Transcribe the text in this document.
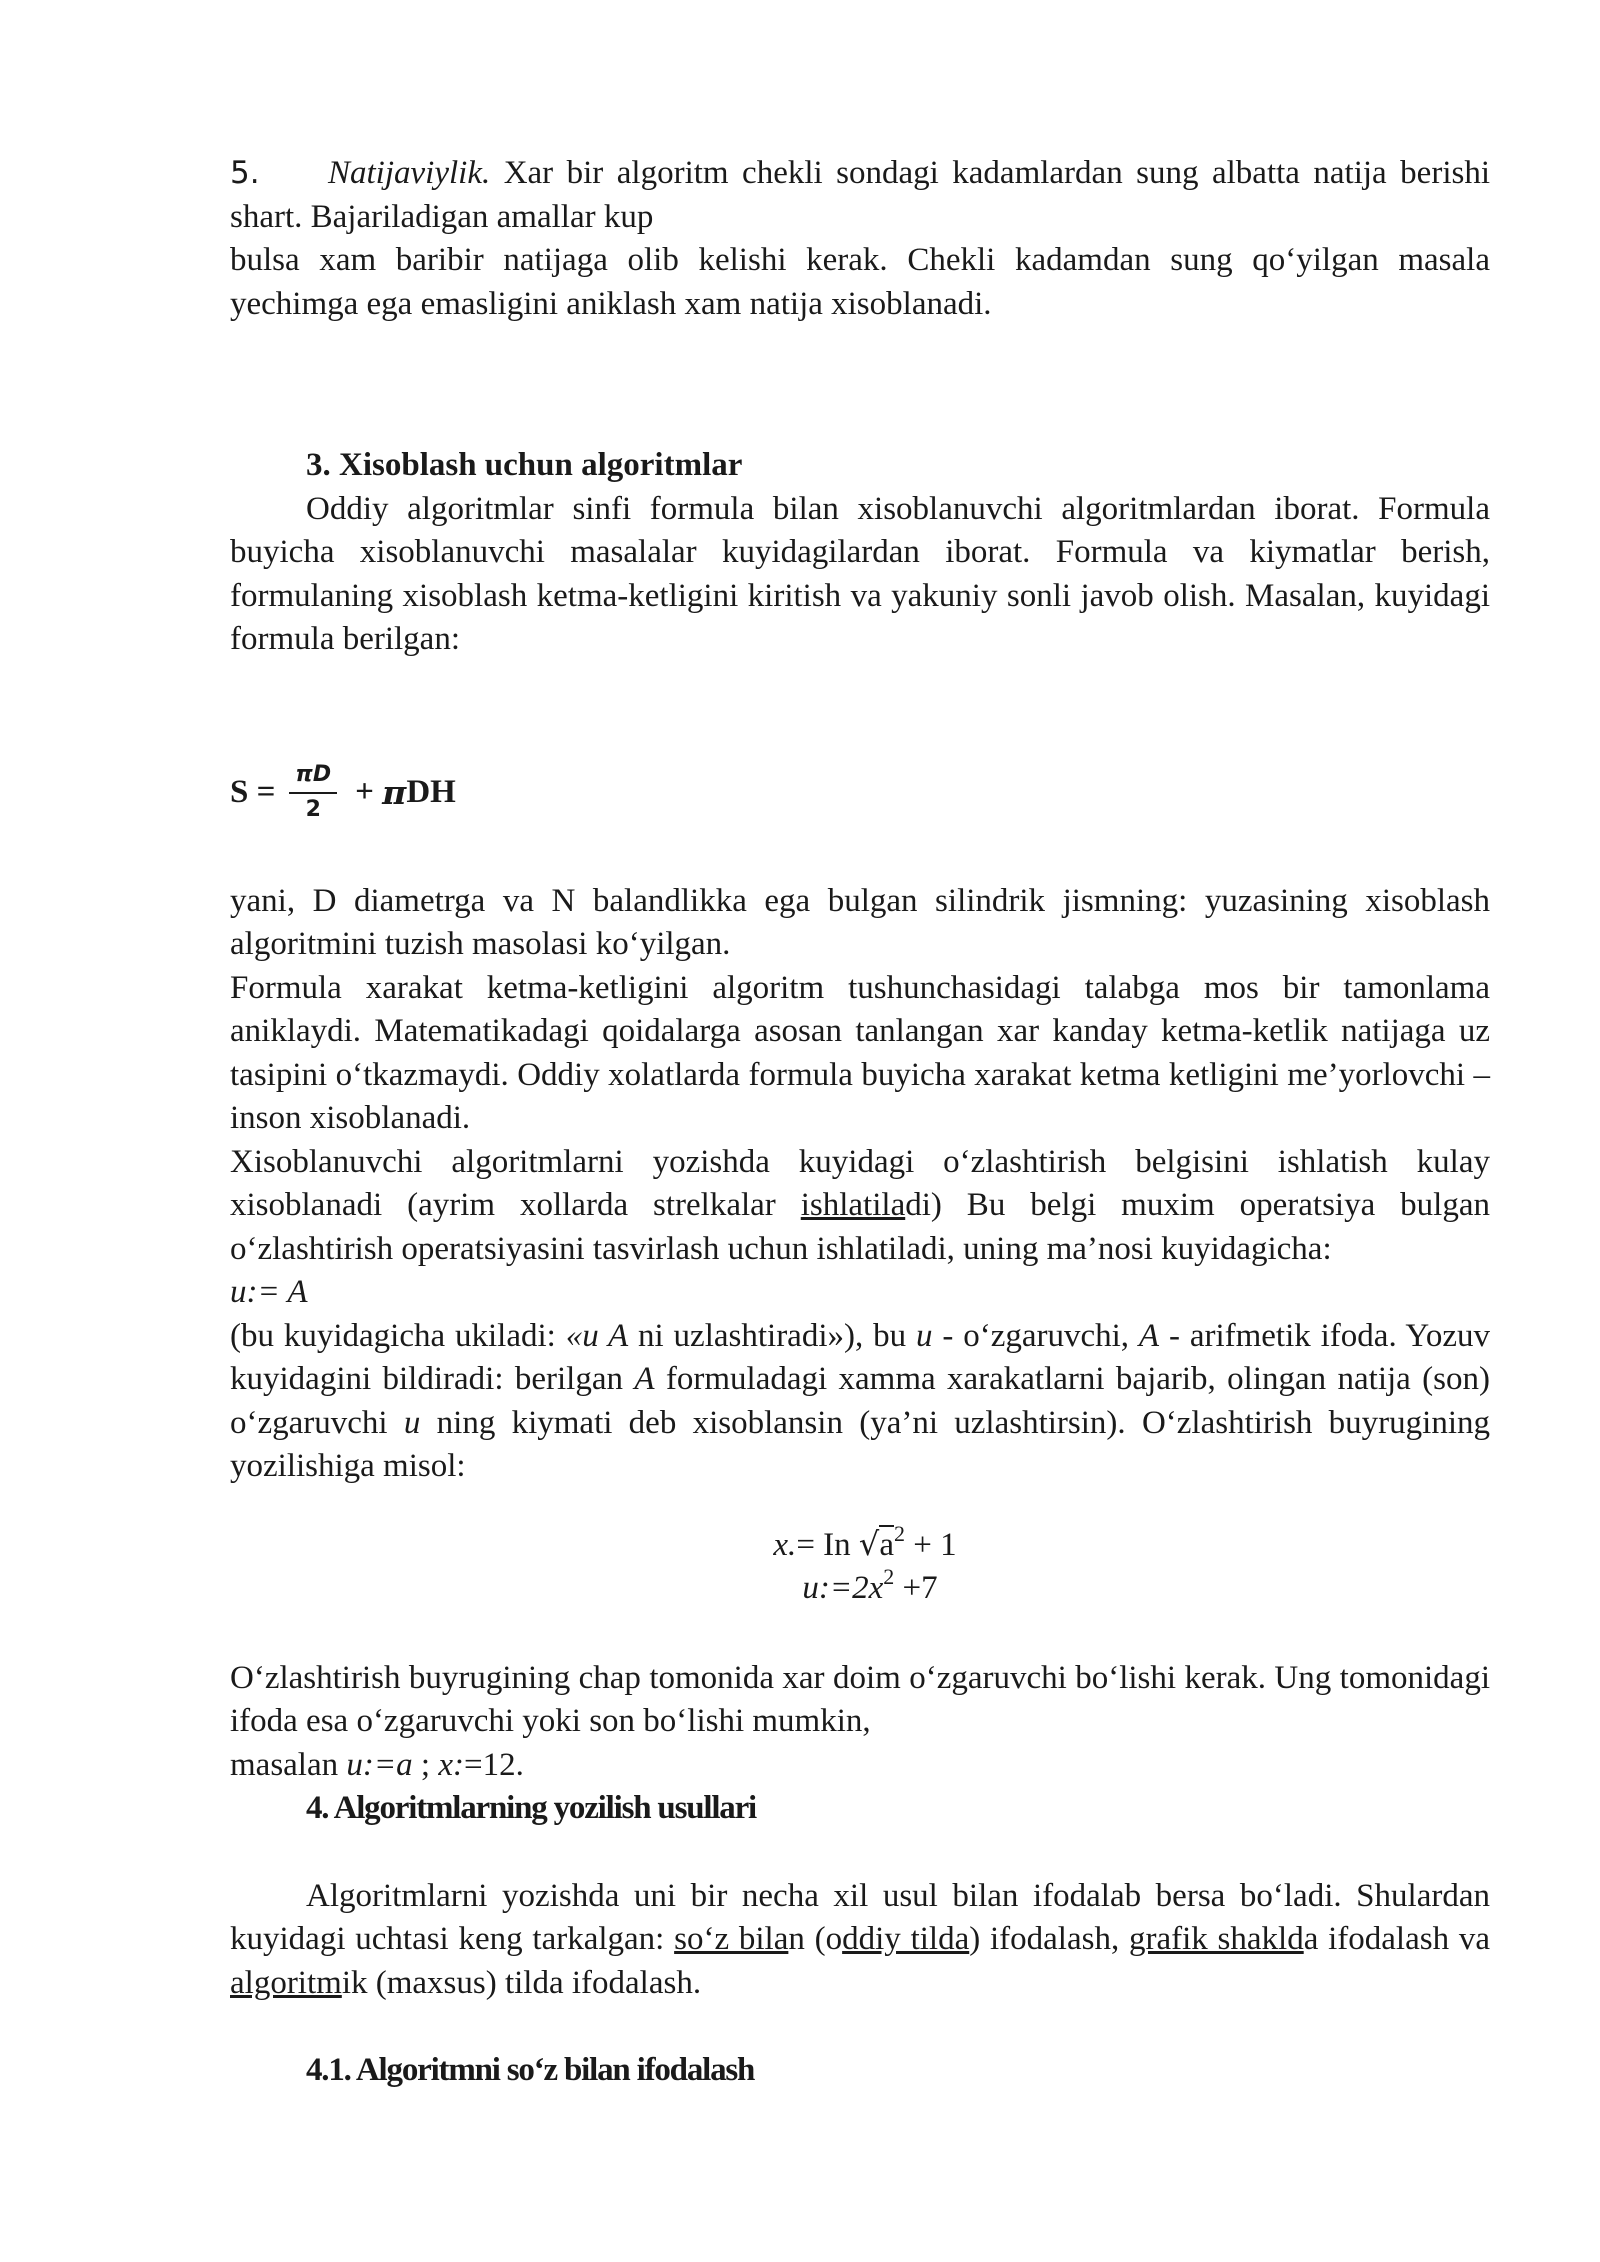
5. Natijaviylik. Xar bir algoritm chekli sondagi kadamlardan sung albatta natija berishi shart. Bajariladigan amallar kup

bulsa xam baribir natijaga olib kelishi kerak. Chekli kadamdan sung qo‘yilgan masala yechimga ega emasligini aniklash xam natija xisoblanadi.

3. Xisoblash uchun algoritmlar

Oddiy algoritmlar sinfi formula bilan xisoblanuvchi algoritmlardan iborat. Formula buyicha xisoblanuvchi masalalar kuyidagilardan iborat. Formula va kiymatlar berish, formulaning xisoblash ketma-ketligini kiritish va yakuniy sonli javob olish. Masalan, kuyidagi formula berilgan:

$S = \frac{\pi D}{2}$ +
π DH

yani, D diametrga va N balandlikka ega bulgan silindrik jismning: yuzasining xisoblash algoritmini tuzish masolasi ko‘yilgan.

Formula xarakat ketma-ketligini algoritm tushunchasidagi talabga mos bir tamonlama aniklaydi. Matematikadagi qoidalarga asosan tanlangan xar kanday ketma-ketlik natijaga uz tasipini o‘tkazmaydi. Oddiy xolatlarda formula buyicha xarakat ketma ketligini me’yorlovchi – inson xisoblanadi.

Xisoblanuvchi algoritmlarni yozishda kuyidagi o‘zlashtirish belgisini ishlatish kulay xisoblanadi (ayrim xollarda strelkalar ishlatiladi) Bu belgi muxim operatsiya bulgan o‘zlashtirish operatsiyasini tasvirlash uchun ishlatiladi, uning ma’nosi kuyidagicha:

u:= A

(bu kuyidagicha ukiladi: «u A ni uzlashtiradi»), bu u - o‘zgaruvchi, A - arifmetik ifoda. Yozuv kuyidagini bildiradi: berilgan A formuladagi xamma xarakatlarni bajarib, olingan natija (son) o‘zgaruvchi u ning kiymati deb xisoblansin (ya’ni uzlashtirsin). O‘zlashtirish buyrugining yozilishiga misol:

x.= In $√a^2 + 1$

$u:=2x^2 +7$

O‘zlashtirish buyrugining chap tomonida xar doim o‘zgaruvchi bo‘lishi kerak. Ung tomonidagi ifoda esa o‘zgaruvchi yoki son bo‘lishi mumkin,

masalan u:=a ; x:=12.

4. Algoritmlarning yozilish usullari

Algoritmlarni yozishda uni bir necha xil usul bilan ifodalab bersa bo‘ladi. Shulardan kuyidagi uchtasi keng tarkalgan: so‘z bilan (oddiy tilda) ifodalash, grafik shaklda ifodalash va algoritmik (maxsus) tilda ifodalash.

4.1. Algoritmni so‘z bilan ifodalash
